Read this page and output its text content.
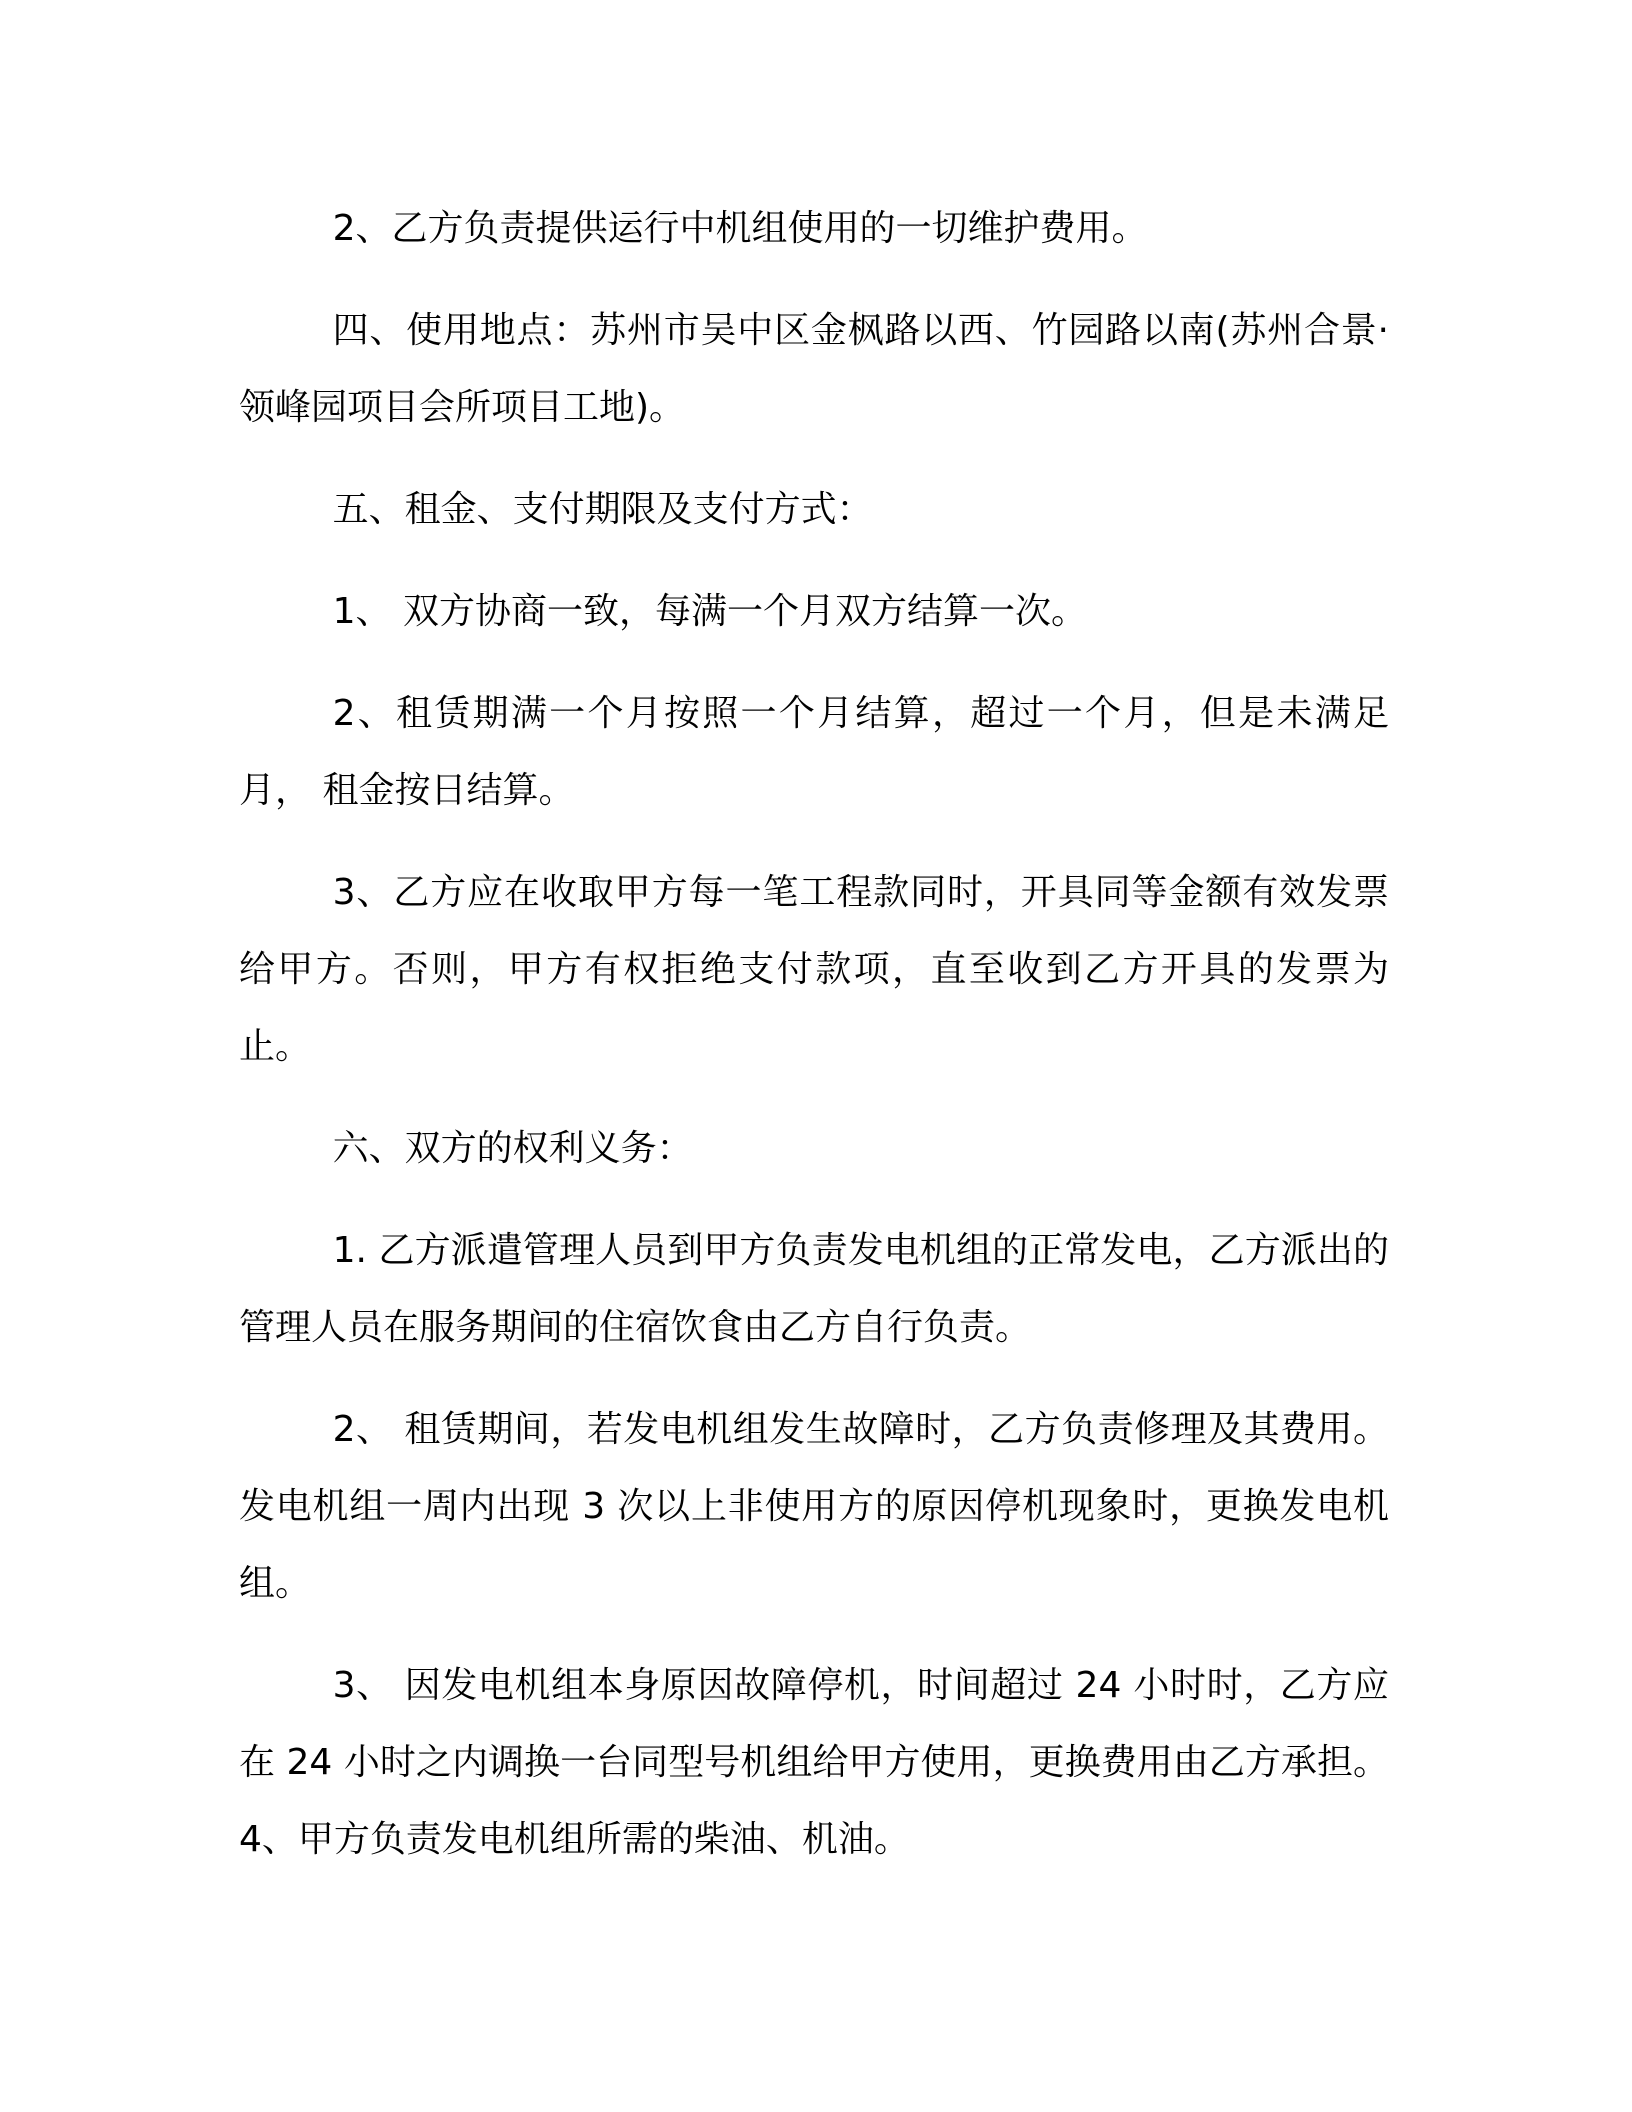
2、乙方负责提供运行中机组使用的一切维护费用。

四、使用地点：苏州市吴中区金枫路以西、竹园路以南(苏州合景·领峰园项目会所项目工地)。

五、租金、支付期限及支付方式：

1、 双方协商一致，每满一个月双方结算一次。

2、租赁期满一个月按照一个月结算，超过一个月，但是未满足月， 租金按日结算。

3、乙方应在收取甲方每一笔工程款同时，开具同等金额有效发票给甲方。否则，甲方有权拒绝支付款项，直至收到乙方开具的发票为止。

六、双方的权利义务：

1. 乙方派遣管理人员到甲方负责发电机组的正常发电，乙方派出的管理人员在服务期间的住宿饮食由乙方自行负责。

2、 租赁期间，若发电机组发生故障时，乙方负责修理及其费用。发电机组一周内出现 3 次以上非使用方的原因停机现象时，更换发电机组。

3、 因发电机组本身原因故障停机，时间超过 24 小时时，乙方应在 24 小时之内调换一台同型号机组给甲方使用，更换费用由乙方承担。 4、甲方负责发电机组所需的柴油、机油。
